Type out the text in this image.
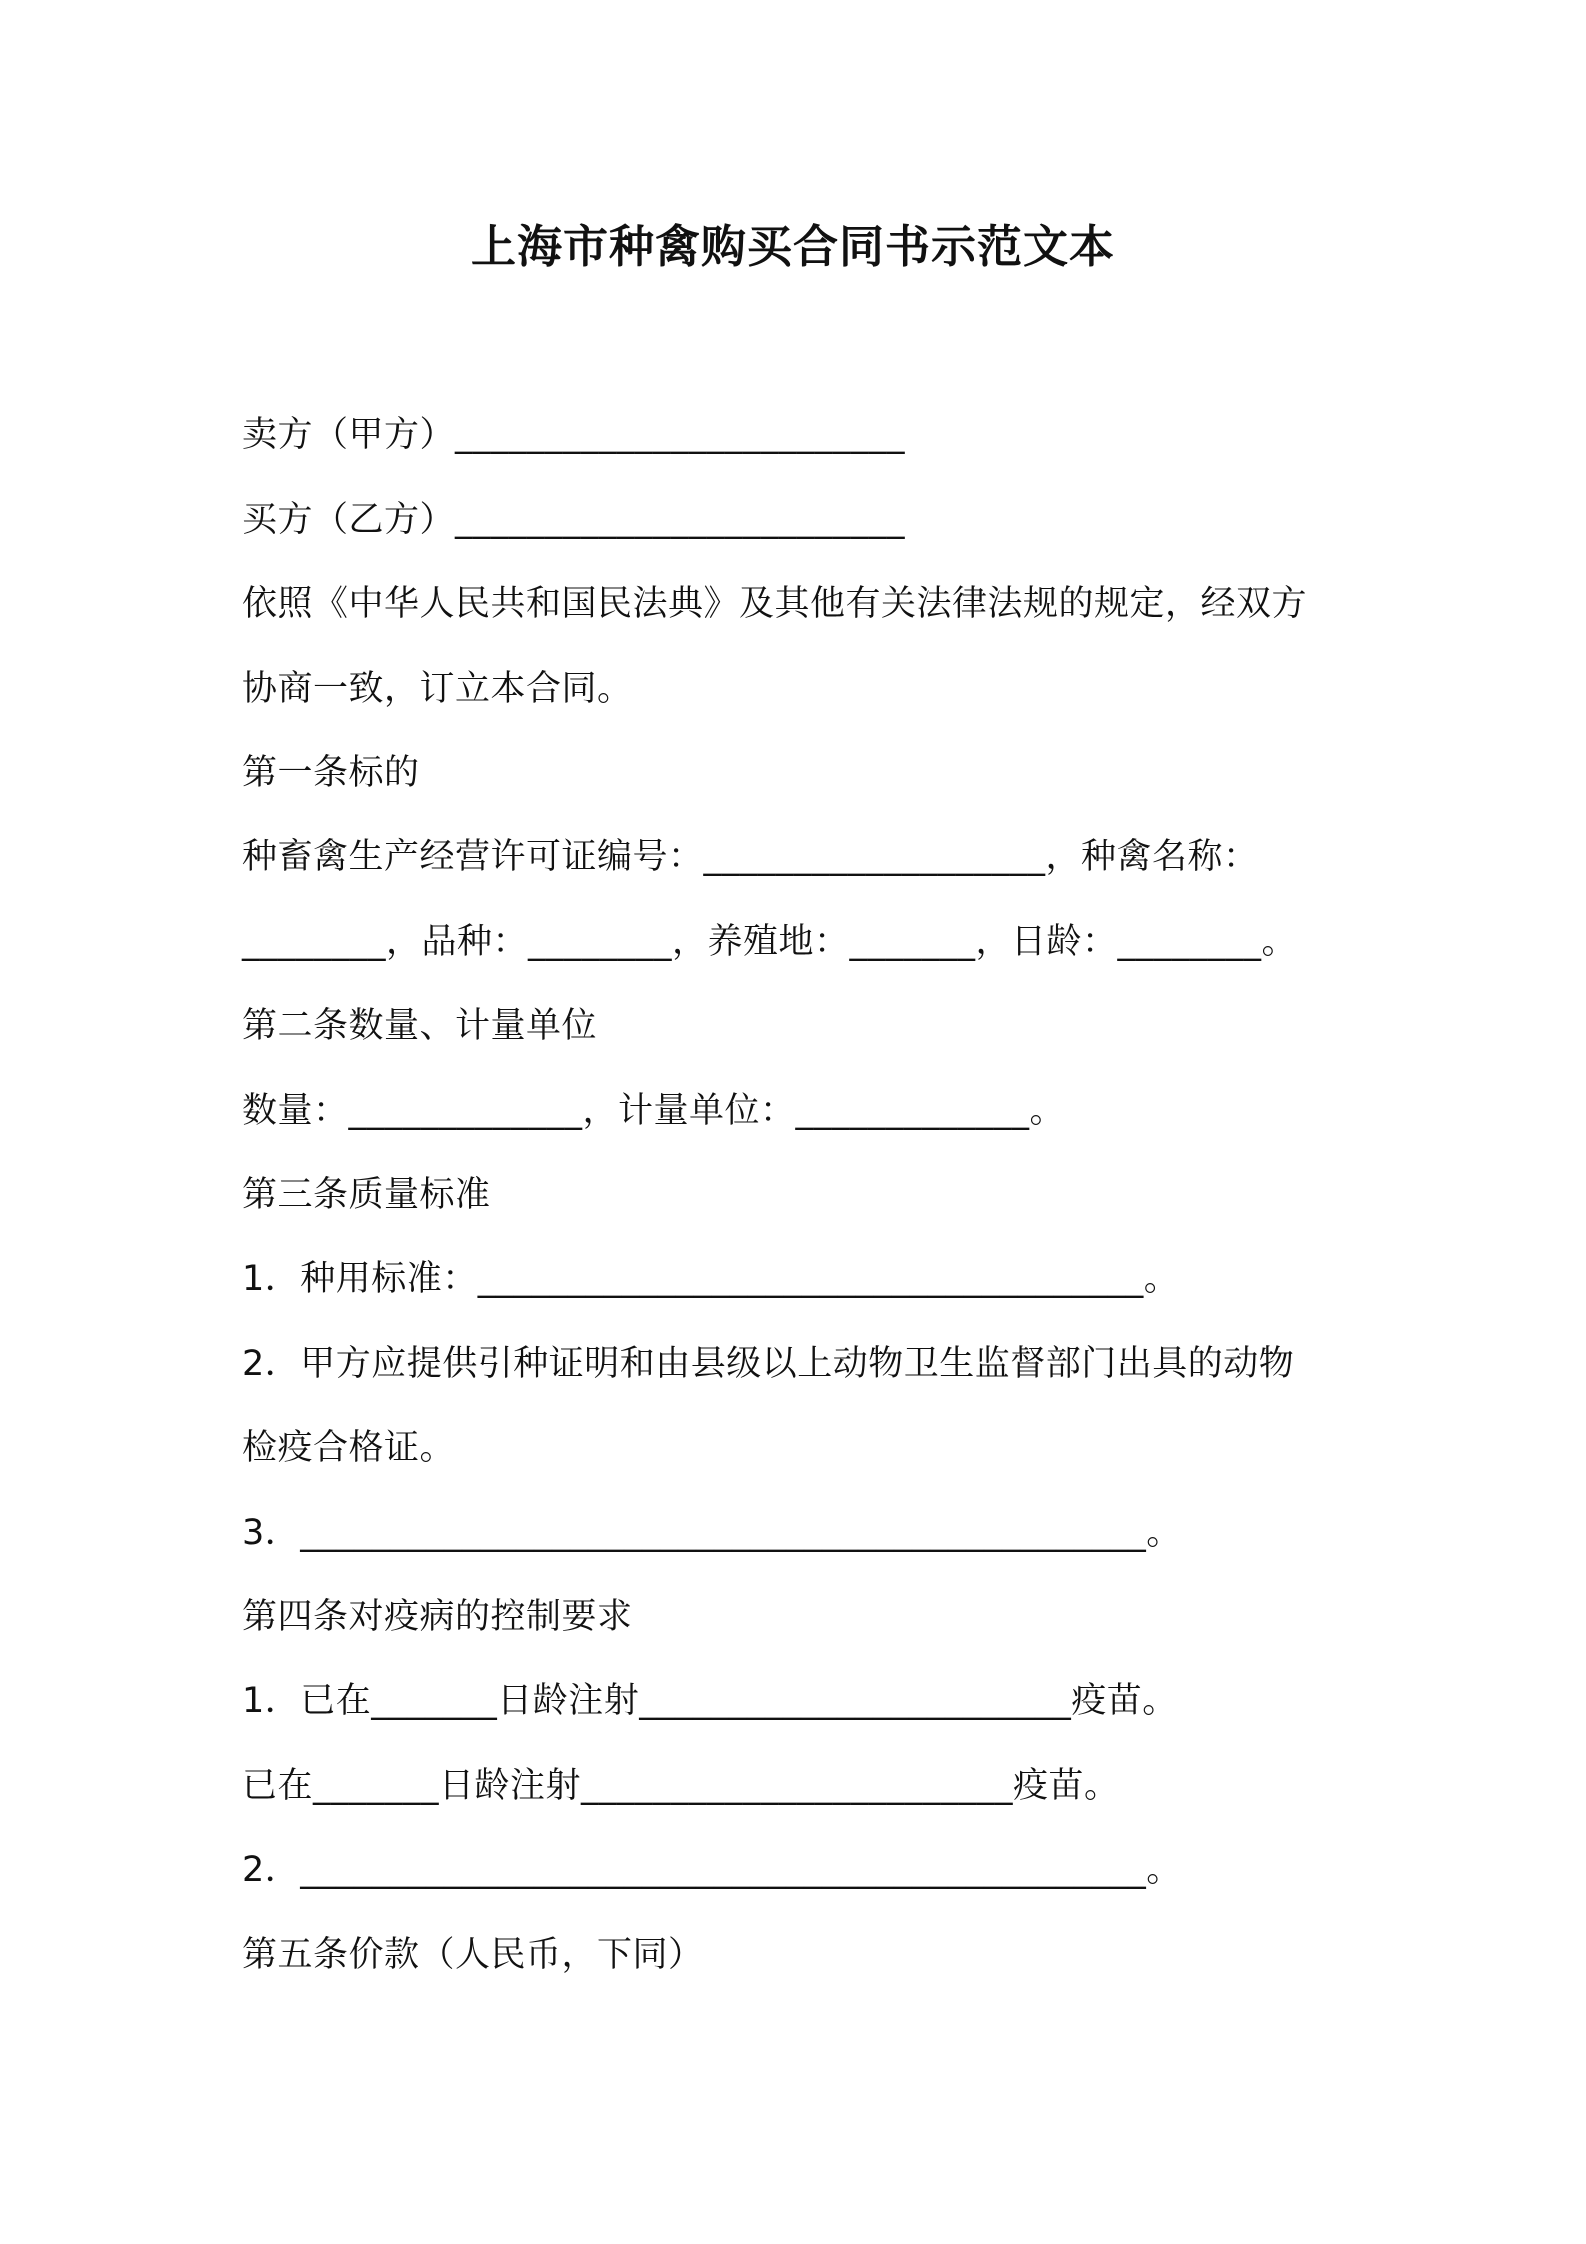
上海市种禽购买合同书示范文本
卖方（甲方）_________________________
买方（乙方）_________________________
依照《中华人民共和国民法典》及其他有关法律法规的规定，经双方
协商一致，订立本合同。
第一条标的
种畜禽生产经营许可证编号：___________________，种禽名称：
________，品种：________，养殖地：_______，日龄：________。
第二条数量、计量单位
数量：_____________，计量单位：_____________。
第三条质量标准
1．种用标准：_____________________________________。
2．甲方应提供引种证明和由县级以上动物卫生监督部门出具的动物
检疫合格证。
3．_______________________________________________。
第四条对疫病的控制要求
1．已在_______日龄注射________________________疫苗。
已在_______日龄注射________________________疫苗。
2．_______________________________________________。
第五条价款（人民币，下同）
